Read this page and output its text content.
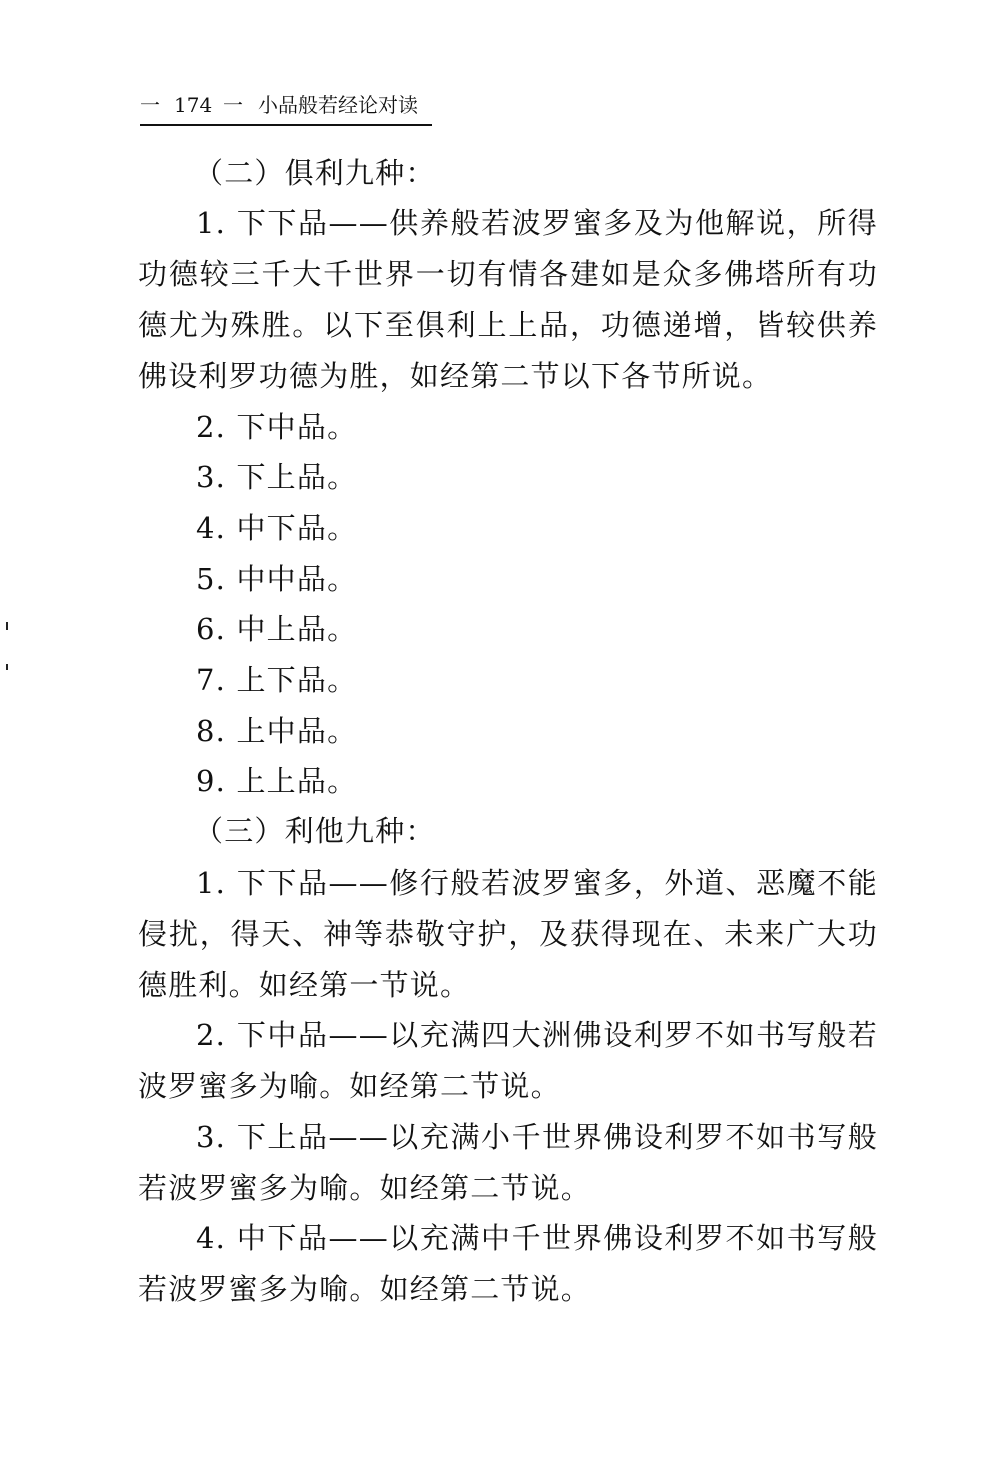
一 174 一 小品般若经论对读
（二）俱利九种：
1. 下下品——供养般若波罗蜜多及为他解说，所得功德较三千大千世界一切有情各建如是众多佛塔所有功德尤为殊胜。以下至俱利上上品，功德递增，皆较供养佛设利罗功德为胜，如经第二节以下各节所说。
2. 下中品。
3. 下上品。
4. 中下品。
5. 中中品。
6. 中上品。
7. 上下品。
8. 上中品。
9. 上上品。
（三）利他九种：
1. 下下品——修行般若波罗蜜多，外道、恶魔不能侵扰，得天、神等恭敬守护，及获得现在、未来广大功德胜利。如经第一节说。
2. 下中品——以充满四大洲佛设利罗不如书写般若波罗蜜多为喻。如经第二节说。
3. 下上品——以充满小千世界佛设利罗不如书写般若波罗蜜多为喻。如经第二节说。
4. 中下品——以充满中千世界佛设利罗不如书写般若波罗蜜多为喻。如经第二节说。
